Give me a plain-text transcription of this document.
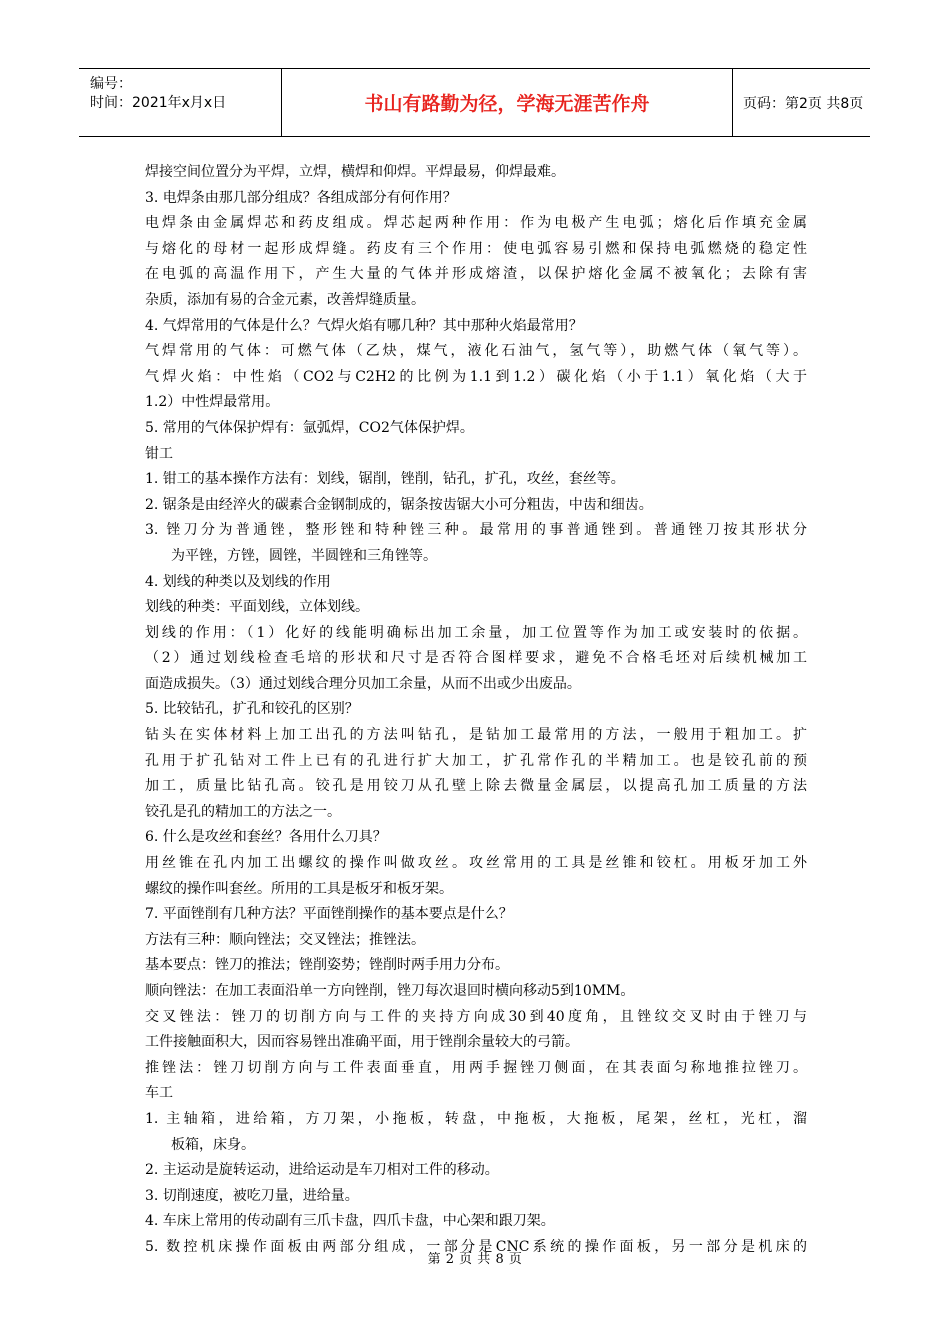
编号：
时间：2021年x月x日	书山有路勤为径，学海无涯苦作舟	页码：第2页 共8页
焊接空间位置分为平焊，立焊，横焊和仰焊。平焊最易，仰焊最难。
3. 电焊条由那几部分组成？各组成部分有何作用？
电焊条由金属焊芯和药皮组成。焊芯起两种作用：作为电极产生电弧；熔化后作填充金属
与熔化的母材一起形成焊缝。药皮有三个作用：使电弧容易引燃和保持电弧燃烧的稳定性
在电弧的高温作用下，产生大量的气体并形成熔渣，以保护熔化金属不被氧化；去除有害
杂质，添加有易的合金元素，改善焊缝质量。
4. 气焊常用的气体是什么？气焊火焰有哪几种？其中那种火焰最常用？
气焊常用的气体：可燃气体（乙炔，煤气，液化石油气，氢气等），助燃气体（氧气等）。
气焊火焰：中性焰（CO2与C2H2的比例为1.1到1.2）碳化焰（小于1.1）氧化焰（大于
1.2）中性焊最常用。
5. 常用的气体保护焊有：氩弧焊，CO2气体保护焊。
钳工
1. 钳工的基本操作方法有：划线，锯削，锉削，钻孔，扩孔，攻丝，套丝等。
2. 锯条是由经淬火的碳素合金钢制成的，锯条按齿锯大小可分粗齿，中齿和细齿。
3. 锉刀分为普通锉，整形锉和特种锉三种。最常用的事普通锉到。普通锉刀按其形状分
为平锉，方锉，圆锉，半圆锉和三角锉等。
4. 划线的种类以及划线的作用
划线的种类：平面划线，立体划线。
划线的作用：（1）化好的线能明确标出加工余量，加工位置等作为加工或安装时的依据。
（2）通过划线检查毛培的形状和尺寸是否符合图样要求，避免不合格毛坯对后续机械加工
面造成损失。（3）通过划线合理分贝加工余量，从而不出或少出废品。
5. 比较钻孔，扩孔和铰孔的区别？
钻头在实体材料上加工出孔的方法叫钻孔，是钻加工最常用的方法，一般用于粗加工。扩
孔用于扩孔钻对工件上已有的孔进行扩大加工，扩孔常作孔的半精加工。也是铰孔前的预
加工，质量比钻孔高。铰孔是用铰刀从孔壁上除去微量金属层，以提高孔加工质量的方法
铰孔是孔的精加工的方法之一。
6. 什么是攻丝和套丝？各用什么刀具？
用丝锥在孔内加工出螺纹的操作叫做攻丝。攻丝常用的工具是丝锥和铰杠。用板牙加工外
螺纹的操作叫套丝。所用的工具是板牙和板牙架。
7. 平面锉削有几种方法？平面锉削操作的基本要点是什么？
方法有三种：顺向锉法；交叉锉法；推锉法。
基本要点：锉刀的推法；锉削姿势；锉削时两手用力分布。
顺向锉法：在加工表面沿单一方向锉削，锉刀每次退回时横向移动5到10MM。
交叉锉法：锉刀的切削方向与工件的夹持方向成30到40度角，且锉纹交叉时由于锉刀与
工件接触面积大，因而容易锉出准确平面，用于锉削余量较大的弓箭。
推锉法：锉刀切削方向与工件表面垂直，用两手握锉刀侧面，在其表面匀称地推拉锉刀。
车工
1. 主轴箱，进给箱，方刀架，小拖板，转盘，中拖板，大拖板，尾架，丝杠，光杠，溜
板箱，床身。
2. 主运动是旋转运动，进给运动是车刀相对工件的移动。
3. 切削速度，被吃刀量，进给量。
4. 车床上常用的传动副有三爪卡盘，四爪卡盘，中心架和跟刀架。
5. 数控机床操作面板由两部分组成，一部分是CNC系统的操作面板，另一部分是机床的
第 2 页 共 8 页
